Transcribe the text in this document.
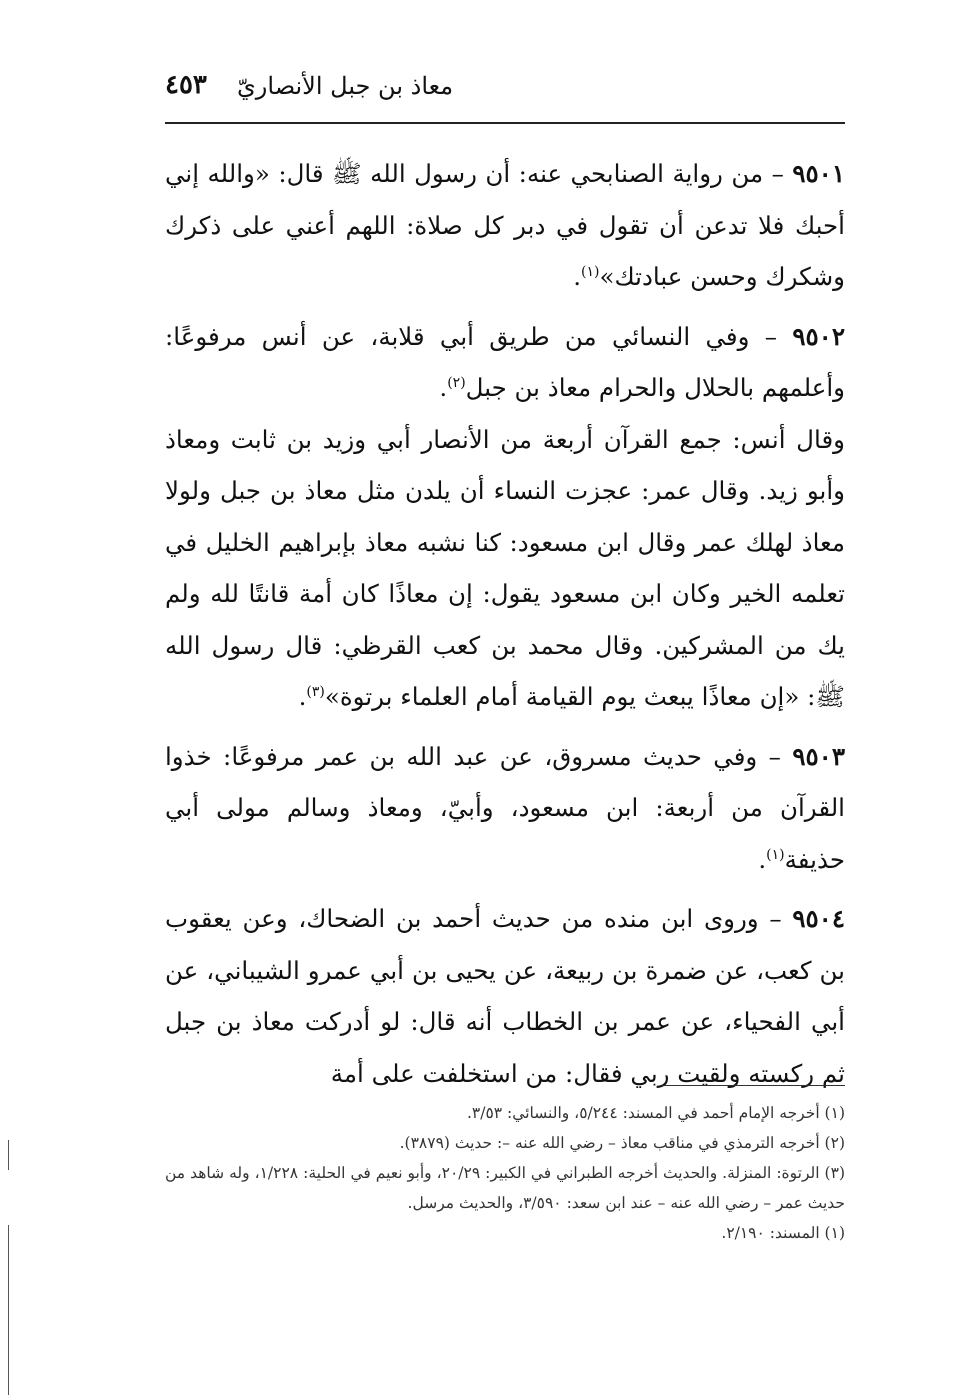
٤٥٣ معاذ بن جبل الأنصاريّ

٩٥٠١ – من رواية الصنابحي عنه: أن رسول الله ﷺ قال: «والله إني أحبك فلا تدعن أن تقول في دبر كل صلاة: اللهم أعني على ذكرك وشكرك وحسن عبادتك»$^{(١)}$.

٩٥٠٢ – وفي النسائي من طريق أبي قلابة، عن أنس مرفوعًا: وأعلمهم بالحلال والحرام معاذ بن جبل$^{(٢)}$.

وقال أنس: جمع القرآن أربعة من الأنصار أبي وزيد بن ثابت ومعاذ وأبو زيد. وقال عمر: عجزت النساء أن يلدن مثل معاذ بن جبل ولولا معاذ لهلك عمر وقال ابن مسعود: كنا نشبه معاذ بإبراهيم الخليل في تعلمه الخير وكان ابن مسعود يقول: إن معاذًا كان أمة قانتًا لله ولم يك من المشركين. وقال محمد بن كعب القرظي: قال رسول الله ﷺ: «إن معاذًا يبعث يوم القيامة أمام العلماء برتوة»$^{(٣)}$.

٩٥٠٣ – وفي حديث مسروق، عن عبد الله بن عمر مرفوعًا: خذوا القرآن من أربعة: ابن مسعود، وأبيّ، ومعاذ وسالم مولى أبي حذيفة$^{(١)}$.

٩٥٠٤ – وروى ابن منده من حديث أحمد بن الضحاك، وعن يعقوب بن كعب، عن ضمرة بن ربيعة، عن يحيى بن أبي عمرو الشيباني، عن أبي الفحياء، عن عمر بن الخطاب أنه قال: لو أدركت معاذ بن جبل ثم ركسته ولقيت ربي فقال: من استخلفت على أمة

(١) أخرجه الإمام أحمد في المسند: ٥/٢٤٤، والنسائي: ٣/٥٣.

(٢) أخرجه الترمذي في مناقب معاذ – رضي الله عنه –: حديث (٣٨٧٩).

(٣) الرتوة: المنزلة. والحديث أخرجه الطبراني في الكبير: ٢٠/٢٩، وأبو نعيم في الحلية: ١/٢٢٨، وله شاهد من حديث عمر – رضي الله عنه – عند ابن سعد: ٣/٥٩٠، والحديث مرسل.

(١) المسند: ٢/١٩٠.
